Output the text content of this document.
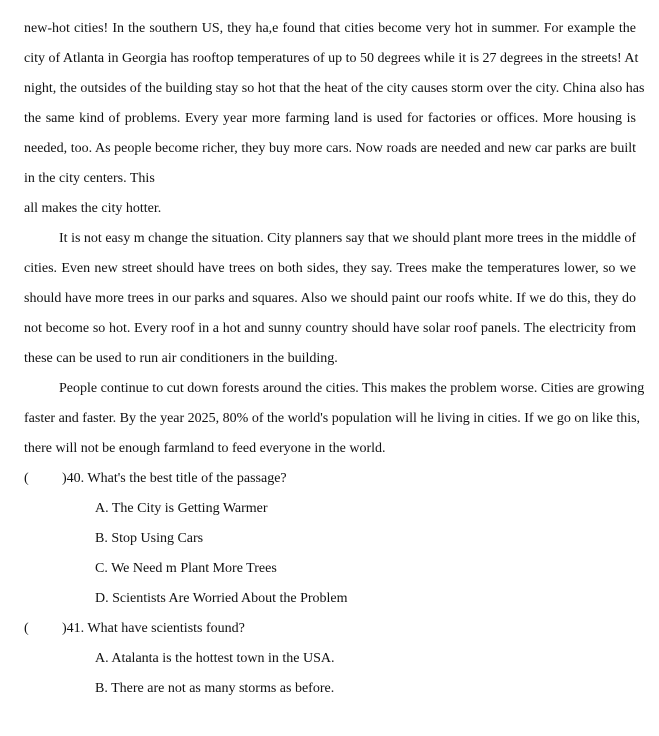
new-hot cities! In the southern US, they ha,e found that cities become very hot in summer. For example the
city of Atlanta in Georgia has rooftop temperatures of up to 50 degrees while it is 27 degrees in the streets! At
night, the outsides of the building stay so hot that the heat of the city causes storm over the city. China also has
the same kind of problems. Every year more farming land is used for factories or offices. More housing is
needed, too. As people become richer, they buy more cars. Now roads are needed and new car parks are built
in the city centers. This
all makes the city hotter.
It is not easy m change the situation. City planners say that we should plant more trees in the middle of
cities. Even new street should have trees on both sides, they say. Trees make the temperatures lower, so we
should have more trees in our parks and squares. Also we should paint our roofs white. If we do this, they do
not become so hot. Every roof in a hot and sunny country should have solar roof panels. The electricity from
these can be used to run air conditioners in the building.
People continue to cut down forests around the cities. This makes the problem worse. Cities are growing
faster and faster. By the year 2025, 80% of the world's population will he living in cities. If we go on like this,
there will not be enough farmland to feed everyone in the world.
( )40. What's the best title of the passage?
A. The City is Getting Warmer
B. Stop Using Cars
C. We Need m Plant More Trees
D. Scientists Are Worried About the Problem
( )41. What have scientists found?
A. Atalanta is the hottest town in the USA.
B. There are not as many storms as before.
